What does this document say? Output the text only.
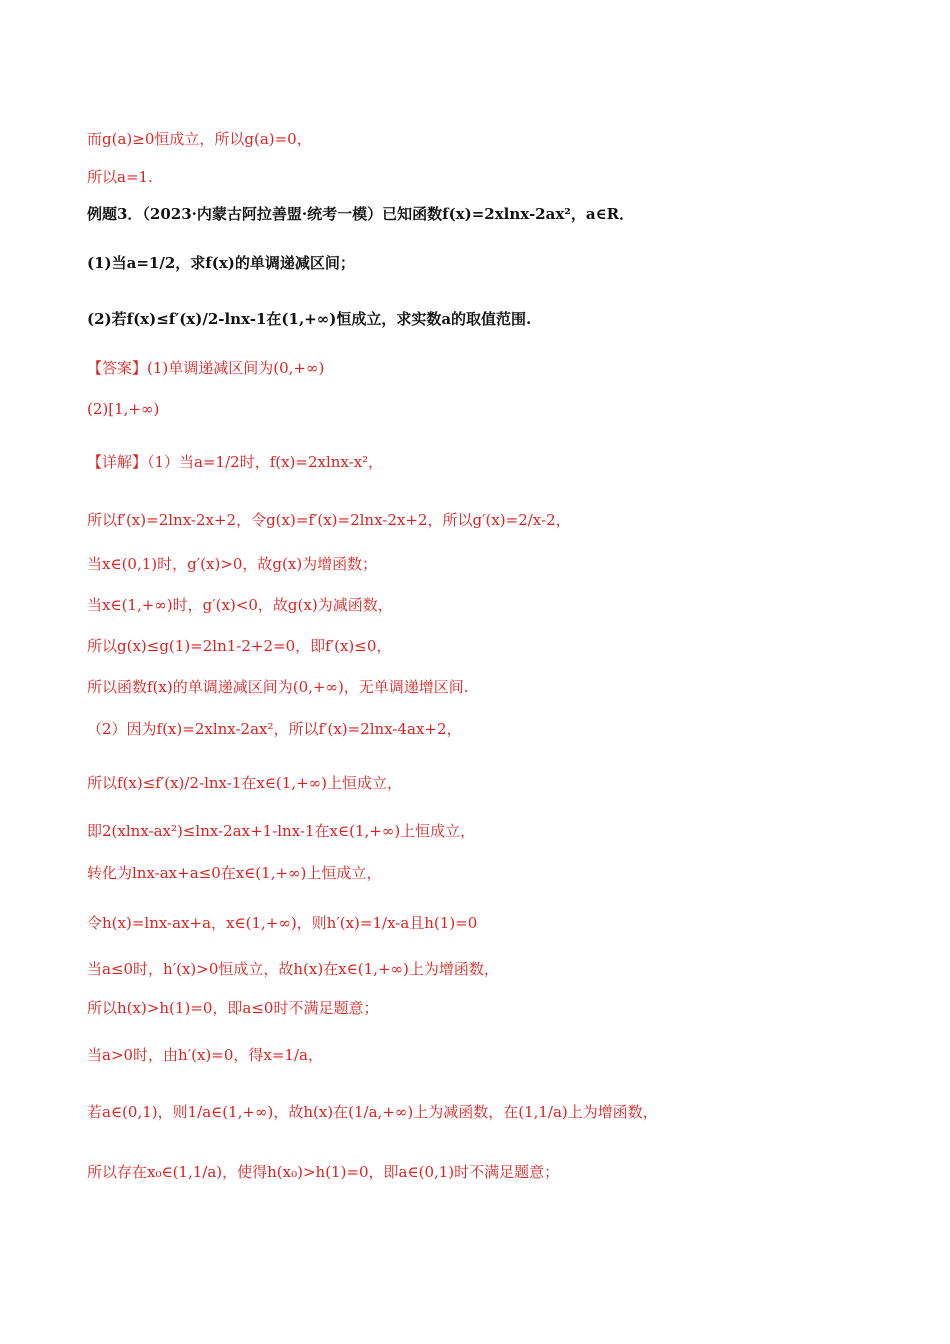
而g(a)≥0恒成立，所以g(a)=0，
所以a=1.
例题3．（2023·内蒙古阿拉善盟·统考一模）已知函数f(x)=2xlnx-2ax²，a∈R．
(1)当a=1/2，求f(x)的单调递减区间；
(2)若f(x)≤f′(x)/2-lnx-1在(1,+∞)恒成立，求实数a的取值范围.
【答案】(1)单调递减区间为(0,+∞)
(2)[1,+∞)
【详解】（1）当a=1/2时，f(x)=2xlnx-x²，
所以f′(x)=2lnx-2x+2，令g(x)=f′(x)=2lnx-2x+2，所以g′(x)=2/x-2，
当x∈(0,1)时，g′(x)>0，故g(x)为增函数；
当x∈(1,+∞)时，g′(x)<0，故g(x)为减函数，
所以g(x)≤g(1)=2ln1-2+2=0，即f′(x)≤0，
所以函数f(x)的单调递减区间为(0,+∞)，无单调递增区间.
（2）因为f(x)=2xlnx-2ax²，所以f′(x)=2lnx-4ax+2，
所以f(x)≤f′(x)/2-lnx-1在x∈(1,+∞)上恒成立，
即2(xlnx-ax²)≤lnx-2ax+1-lnx-1在x∈(1,+∞)上恒成立，
转化为lnx-ax+a≤0在x∈(1,+∞)上恒成立，
令h(x)=lnx-ax+a，x∈(1,+∞)，则h′(x)=1/x-a且h(1)=0
当a≤0时，h′(x)>0恒成立，故h(x)在x∈(1,+∞)上为增函数，
所以h(x)>h(1)=0，即a≤0时不满足题意；
当a>0时，由h′(x)=0，得x=1/a，
若a∈(0,1)，则1/a∈(1,+∞)，故h(x)在(1/a,+∞)上为减函数，在(1,1/a)上为增函数，
所以存在x₀∈(1,1/a)，使得h(x₀)>h(1)=0，即a∈(0,1)时不满足题意；
